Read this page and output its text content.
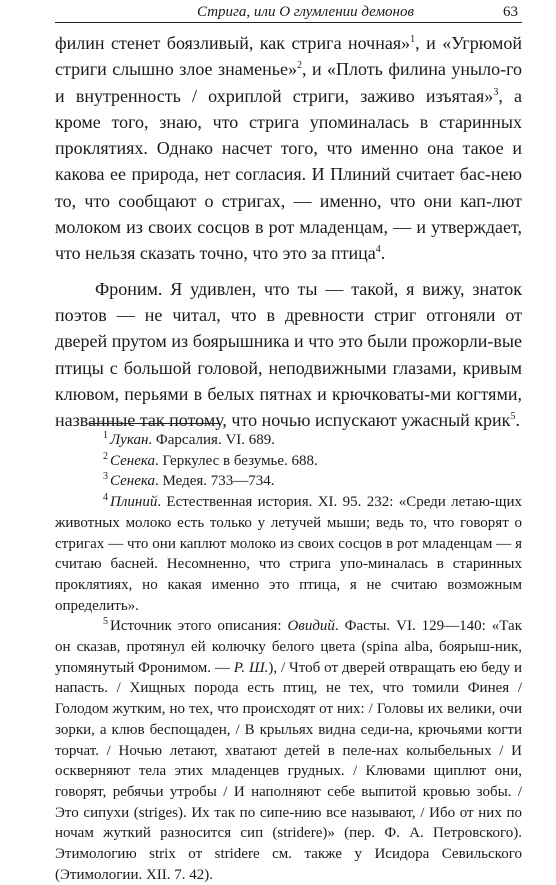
Стрига, или О глумлении демонов	63

филин стенет боязливый, как стрига ночная»$^1$, и «Угрюмой стриги слышно злое знаменье»$^2$, и «Плоть филина уныло-го и внутренность / охриплой стриги, заживо изъятая»$^3$, а кроме того, знаю, что стрига упоминалась в старинных проклятиях. Однако насчет того, что именно она такое и какова ее природа, нет согласия. И Плиний считает бас-нею то, что сообщают о стригах, — именно, что они кап-лют молоком из своих сосцов в рот младенцам, — и утверждает, что нельзя сказать точно, что это за птица$^4$.

Фроним. Я удивлен, что ты — такой, я вижу, знаток поэтов — не читал, что в древности стриг отгоняли от дверей прутом из боярышника и что это были прожорли-вые птицы с большой головой, неподвижными глазами, кривым клювом, перьями в белых пятнах и крючковаты-ми когтями, названные так потому, что ночью испускают ужасный крик$^5$.

$^1$ Лукан. Фарсалия. VI. 689.

$^2$ Сенека. Геркулес в безумье. 688.

$^3$ Сенека. Медея. 733—734.

$^4$ Плиний. Естественная история. XI. 95. 232: «Среди летаю-щих животных молоко есть только у летучей мыши; ведь то, что говорят о стригах — что они каплют молоко из своих сосцов в рот младенцам — я считаю басней. Несомненно, что стрига упо-миналась в старинных проклятиях, но какая именно это птица, я не считаю возможным определить».

$^5$ Источник этого описания: Овидий. Фасты. VI. 129—140: «Так он сказав, протянул ей колючку белого цвета (spina alba, боярыш-ник, упомянутый Фронимом. — Р. Ш.), / Чтоб от дверей отвращать ею беду и напасть. / Хищных порода есть птиц, не тех, что томили Финея / Голодом жутким, но тех, что происходят от них: / Головы их велики, очи зорки, а клюв беспощаден, / В крыльях видна седи-на, крючьями когти торчат. / Ночью летают, хватают детей в пеле-нах колыбельных / И оскверняют тела этих младенцев грудных. / Клювами щиплют они, говорят, ребячьи утробы / И наполняют себе выпитой кровью зобы. / Это сипухи (striges). Их так по сипе-нию все называют, / Ибо от них по ночам жуткий разносится сип (stridere)» (пер. Ф. А. Петровского). Этимологию strix от stridere см. также у Исидора Севильского (Этимологии. XII. 7. 42).
